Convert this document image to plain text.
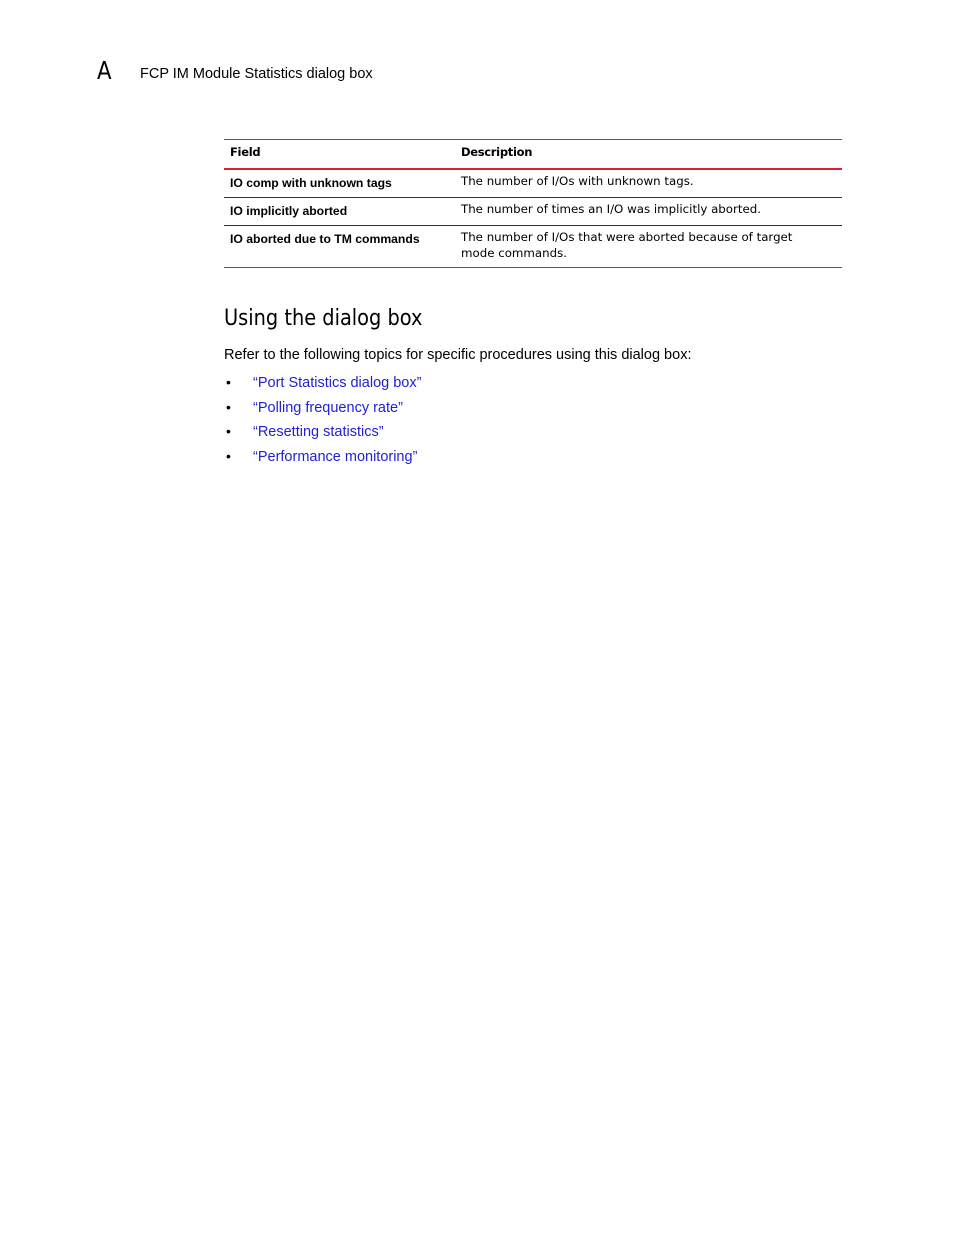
A FCP IM Module Statistics dialog box
Field	Description
IO comp with unknown tags	The number of I/Os with unknown tags.
IO implicitly aborted	The number of times an I/O was implicitly aborted.
IO aborted due to TM commands	The number of I/Os that were aborted because of target mode commands.
Using the dialog box

Refer to the following topics for specific procedures using this dialog box:

• “Port Statistics dialog box”
• “Polling frequency rate”
• “Resetting statistics”
• “Performance monitoring”
